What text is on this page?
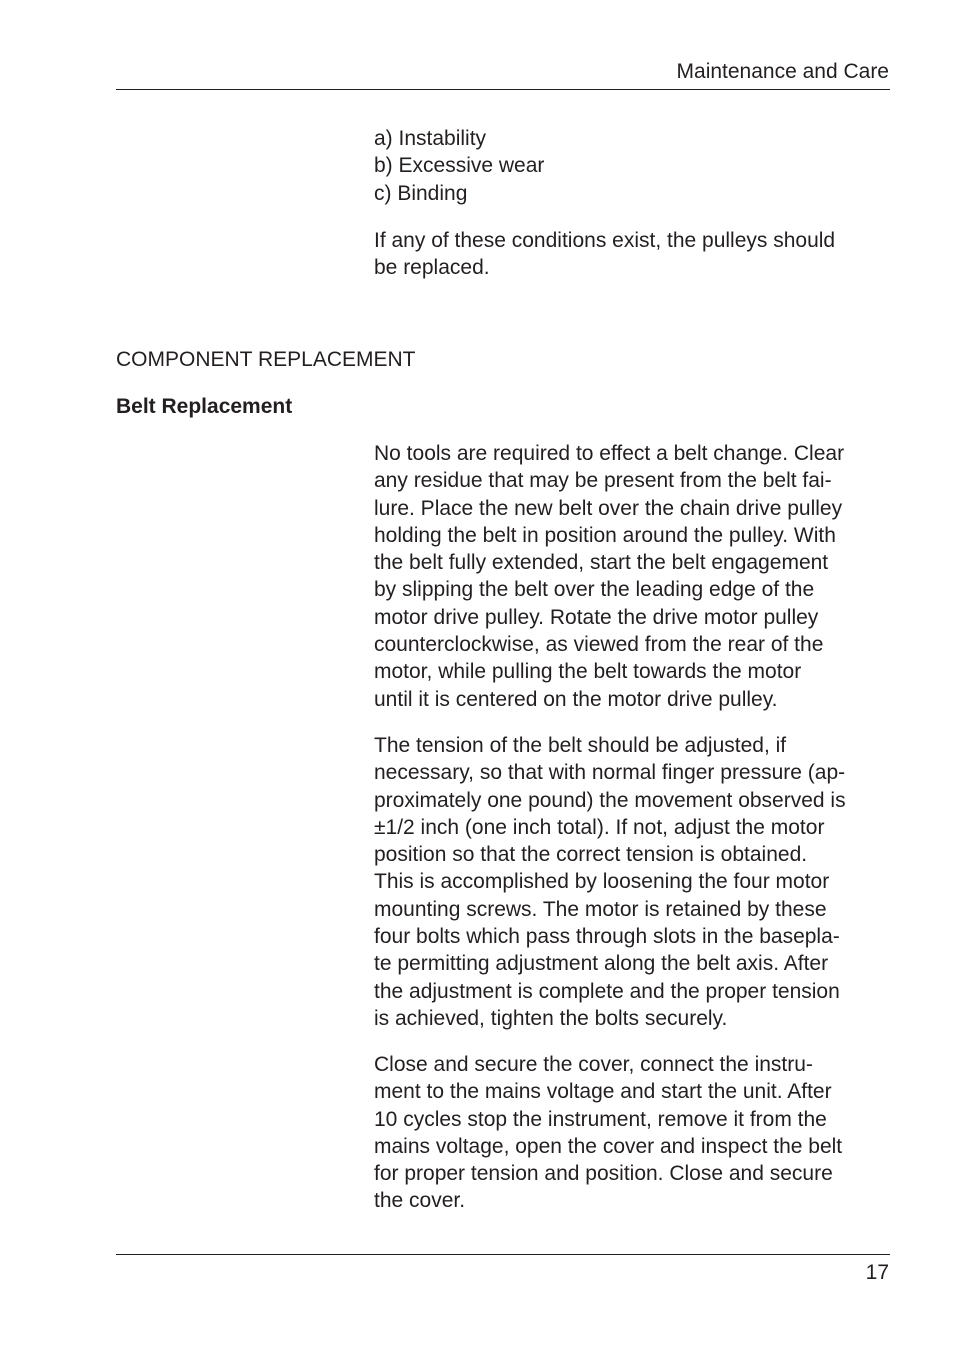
Maintenance and Care

a) Instability

b) Excessive wear

c) Binding

If any of these conditions exist, the pulleys should
be replaced.

COMPONENT REPLACEMENT
Belt Replacement

No tools are required to effect a belt change. Clear
any residue that may be present from the belt fai-
lure. Place the new belt over the chain drive pulley
holding the belt in position around the pulley. With
the belt fully extended, start the belt engagement
by slipping the belt over the leading edge of the
motor drive pulley. Rotate the drive motor pulley
counterclockwise, as viewed from the rear of the
motor, while pulling the belt towards the motor
until it is centered on the motor drive pulley.

The tension of the belt should be adjusted, if
necessary, so that with normal finger pressure (ap-
proximately one pound) the movement observed is
±1/2 inch (one inch total). If not, adjust the motor
position so that the correct tension is obtained.
This is accomplished by loosening the four motor
mounting screws. The motor is retained by these
four bolts which pass through slots in the basepla-
te permitting adjustment along the belt axis. After
the adjustment is complete and the proper tension
is achieved, tighten the bolts securely.

Close and secure the cover, connect the instru-
ment to the mains voltage and start the unit. After
10 cycles stop the instrument, remove it from the
mains voltage, open the cover and inspect the belt
for proper tension and position. Close and secure
the cover.

17
